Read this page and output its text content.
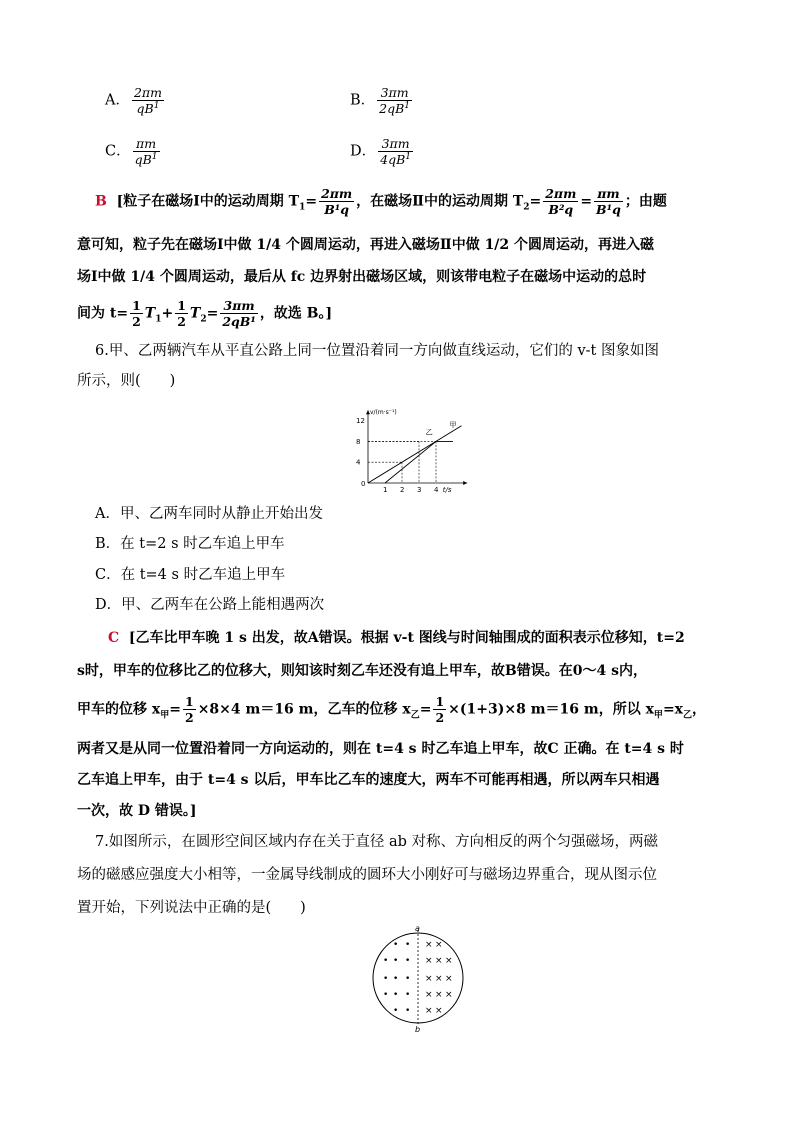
A． $\frac{2\pi m}{qB^1}$	B． $\frac{3\pi m}{2qB^1}$
C． $\frac{\pi m}{qB^1}$	D． $\frac{3\pi m}{4qB^1}$
B [粒子在磁场Ⅰ中的运动周期 $T_1= \frac{2\pi m}{\text{B¹q}}$ ，在磁场Ⅱ中的运动周期 $T_2= \frac{2\pi m}{\text{B²q}} = \frac{\pi m}{\text{B¹q}}$ ；由题
意可知，粒子先在磁场Ⅰ中做 1/4 个圆周运动，再进入磁场Ⅱ中做 1/2 个圆周运动，再进入磁
场Ⅰ中做 1/4 个圆周运动，最后从 fc 边界射出磁场区域，则该带电粒子在磁场中运动的总时
间为 $t= \frac{1}{2} T_1+ \frac{1}{2} T_2= \frac{3\pi m}{\text{2qB¹}}$ ，故选 B。]
6.甲、乙两辆汽车从平直公路上同一位置沿着同一方向做直线运动，它们的 v-t 图象如图
所示，则(　　)
v/(m·s⁻¹)
t/s
0
1 2 3 4
4
8
12	甲
乙
A．甲、乙两车同时从静止开始出发
B．在 t=2 s 时乙车追上甲车
C．在 t=4 s 时乙车追上甲车
D．甲、乙两车在公路上能相遇两次
C [乙车比甲车晚 1 s 出发，故A错误。根据 v-t 图线与时间轴围成的面积表示位移知，t=2
s时，甲车的位移比乙的位移大，则知该时刻乙车还没有追上甲车，故B错误。在0～4 s内，
甲车的位移 $x_甲= \frac{1}{2} \times 8\times 4$ m＝16 m，乙车的位移 $x_乙= \frac{1}{2} \times(1+3)\times 8$ m＝16 m，所以 $x_甲=x_乙$，
两者又是从同一位置沿着同一方向运动的，则在 t=4 s 时乙车追上甲车，故C 正确。在 t=4 s 时
乙车追上甲车，由于 t=4 s 以后，甲车比乙车的速度大，两车不可能再相遇，所以两车只相遇
一次，故 D 错误。]
7.如图所示，在圆形空间区域内存在关于直径 ab 对称、方向相反的两个匀强磁场，两磁
场的磁感应强度大小相等，一金属导线制成的圆环大小刚好可与磁场边界重合，现从图示位
置开始，下列说法中正确的是(　　)
a
b
• •
• • •
• • •
• • •
• •
× ×
× × ×
× × ×
× × ×
× ×
